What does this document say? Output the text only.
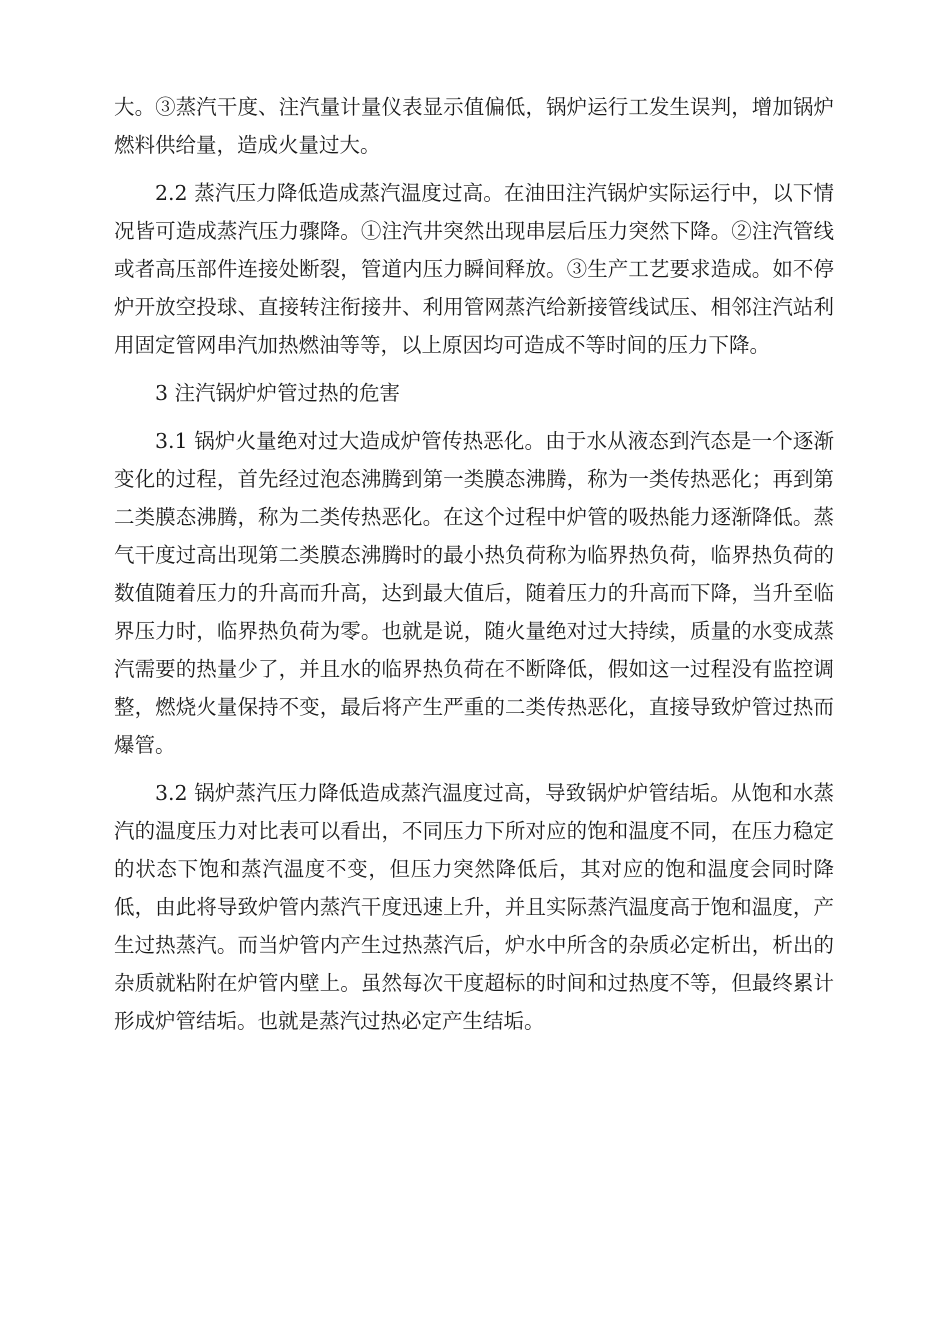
大。③蒸汽干度、注汽量计量仪表显示值偏低，锅炉运行工发生误判，增加锅炉燃料供给量，造成火量过大。

2.2 蒸汽压力降低造成蒸汽温度过高。在油田注汽锅炉实际运行中，以下情况皆可造成蒸汽压力骤降。①注汽井突然出现串层后压力突然下降。②注汽管线或者高压部件连接处断裂，管道内压力瞬间释放。③生产工艺要求造成。如不停炉开放空投球、直接转注衔接井、利用管网蒸汽给新接管线试压、相邻注汽站利用固定管网串汽加热燃油等等，以上原因均可造成不等时间的压力下降。

3 注汽锅炉炉管过热的危害

3.1 锅炉火量绝对过大造成炉管传热恶化。由于水从液态到汽态是一个逐渐变化的过程，首先经过泡态沸腾到第一类膜态沸腾，称为一类传热恶化；再到第二类膜态沸腾，称为二类传热恶化。在这个过程中炉管的吸热能力逐渐降低。蒸气干度过高出现第二类膜态沸腾时的最小热负荷称为临界热负荷，临界热负荷的数值随着压力的升高而升高，达到最大值后，随着压力的升高而下降，当升至临界压力时，临界热负荷为零。也就是说，随火量绝对过大持续，质量的水变成蒸汽需要的热量少了，并且水的临界热负荷在不断降低，假如这一过程没有监控调整，燃烧火量保持不变，最后将产生严重的二类传热恶化，直接导致炉管过热而爆管。

3.2 锅炉蒸汽压力降低造成蒸汽温度过高，导致锅炉炉管结垢。从饱和水蒸汽的温度压力对比表可以看出，不同压力下所对应的饱和温度不同，在压力稳定的状态下饱和蒸汽温度不变，但压力突然降低后，其对应的饱和温度会同时降低，由此将导致炉管内蒸汽干度迅速上升，并且实际蒸汽温度高于饱和温度，产生过热蒸汽。而当炉管内产生过热蒸汽后，炉水中所含的杂质必定析出，析出的杂质就粘附在炉管内壁上。虽然每次干度超标的时间和过热度不等，但最终累计形成炉管结垢。也就是蒸汽过热必定产生结垢。
